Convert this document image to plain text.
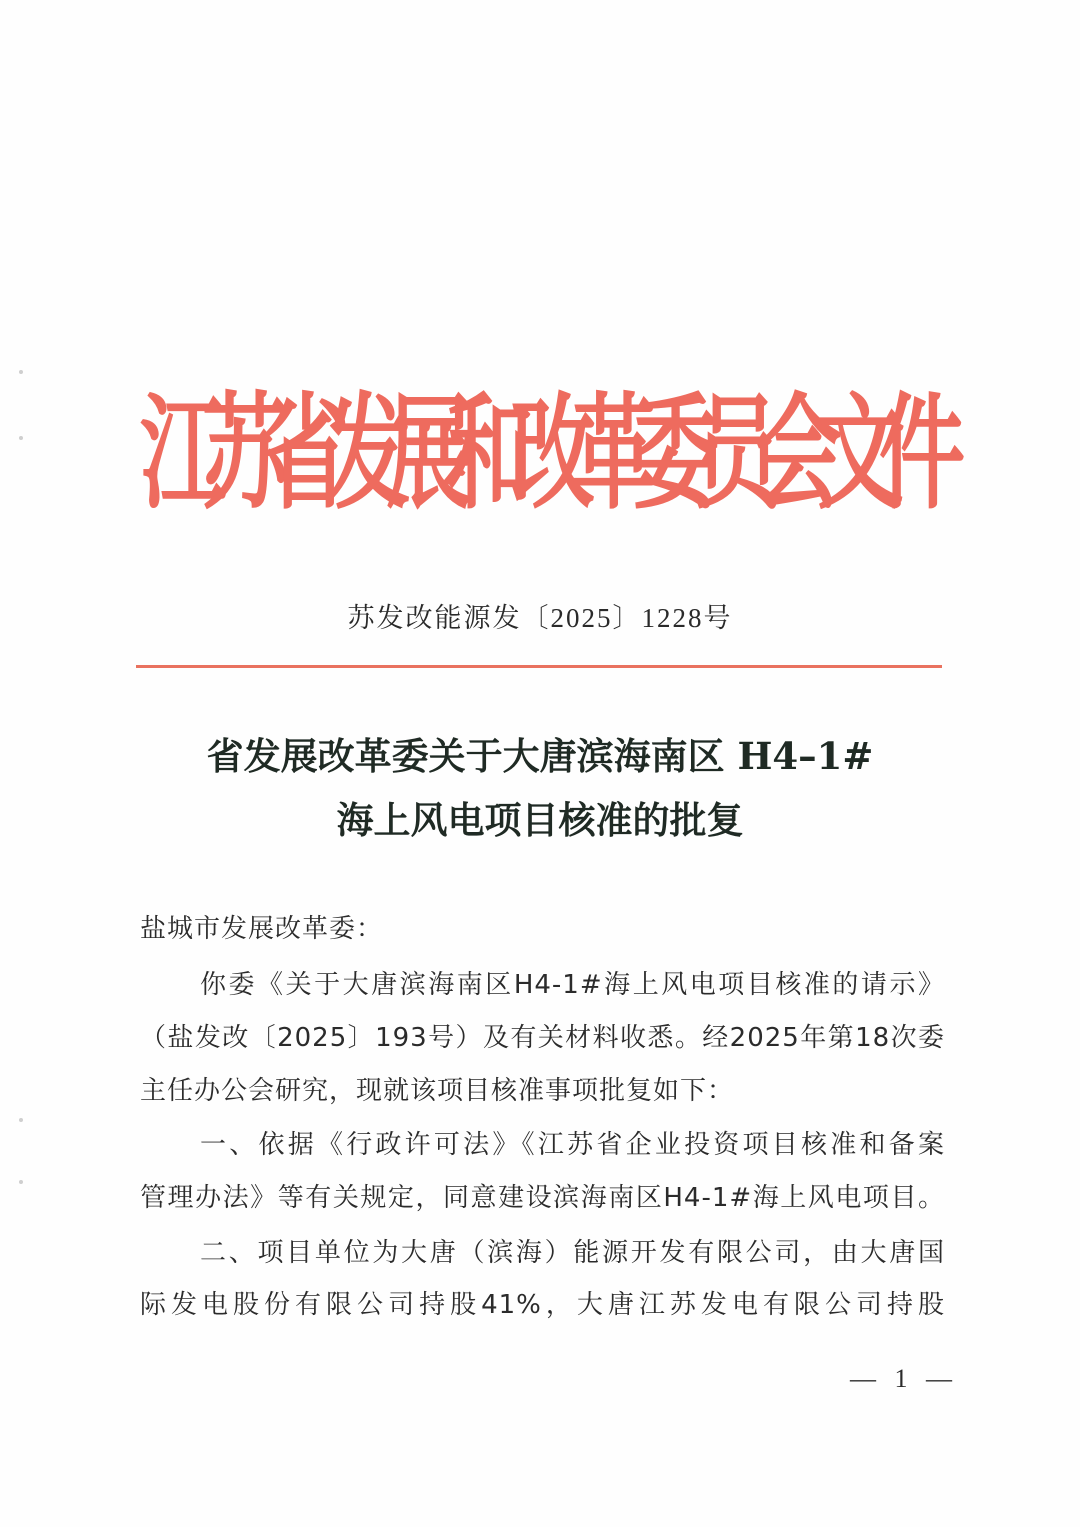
江
苏
省
发
展
和
改
革
委
员
会
文
件
苏发改能源发〔2025〕1228号
省发展改革委关于大唐滨海南区 H4–1#
海上风电项目核准的批复
盐城市发展改革委：
你委《关于大唐滨海南区H4-1#海上风电项目核准的请示》
（盐发改〔2025〕193号）及有关材料收悉。经2025年第18次委
主任办公会研究，现就该项目核准事项批复如下：
一、依据《行政许可法》《江苏省企业投资项目核准和备案
管理办法》等有关规定，同意建设滨海南区H4-1#海上风电项目。
二、项目单位为大唐（滨海）能源开发有限公司，由大唐国
际发电股份有限公司持股41%，大唐江苏发电有限公司持股
— 1 —
